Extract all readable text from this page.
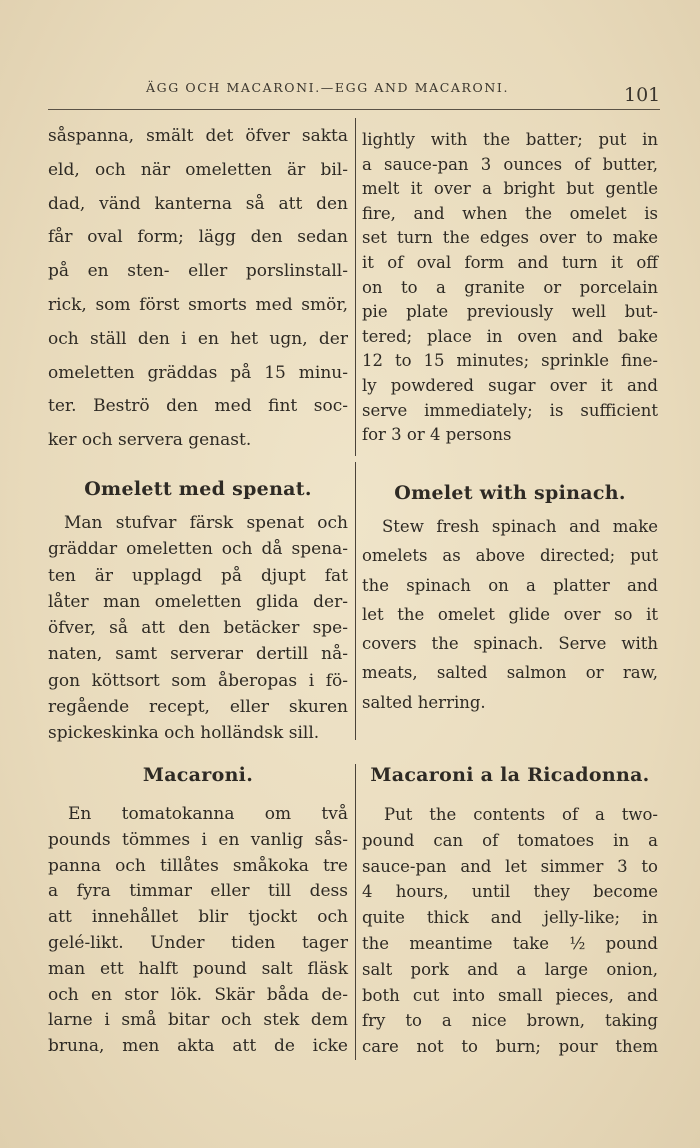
ÄGG OCH MACARONI.—EGG AND MACARONI.	101
såspanna, smält det öfver sakta
eld, och när omeletten är bil-
dad, vänd kanterna så att den
får oval form; lägg den sedan
på en sten- eller porslinstall-
rick, som först smorts med smör,
och ställ den i en het ugn, der
omeletten gräddas på 15 minu-
ter. Beströ den med fint soc-
ker och servera genast.
Omelett med spenat.
Man stufvar färsk spenat och
gräddar omeletten och då spena-
ten är upplagd på djupt fat
låter man omeletten glida der-
öfver, så att den betäcker spe-
naten, samt serverar dertill nå-
gon köttsort som åberopas i fö-
regående recept, eller skuren
spickeskinka och holländsk sill.
Macaroni.
En tomatokanna om två
pounds tömmes i en vanlig sås-
panna och tillåtes småkoka tre
a fyra timmar eller till dess
att innehållet blir tjockt och
gelé-likt. Under tiden tager
man ett halft pound salt fläsk
och en stor lök. Skär båda de-
larne i små bitar och stek dem
bruna, men akta att de icke
lightly with the batter; put in
a sauce-pan 3 ounces of butter,
melt it over a bright but gentle
fire, and when the omelet is
set turn the edges over to make
it of oval form and turn it off
on to a granite or porcelain
pie plate previously well but-
tered; place in oven and bake
12 to 15 minutes; sprinkle fine-
ly powdered sugar over it and
serve immediately; is sufficient
for 3 or 4 persons
Omelet with spinach.
Stew fresh spinach and make
omelets as above directed; put
the spinach on a platter and
let the omelet glide over so it
covers the spinach. Serve with
meats, salted salmon or raw,
salted herring.
Macaroni a la Ricadonna.
Put the contents of a two-
pound can of tomatoes in a
sauce-pan and let simmer 3 to
4 hours, until they become
quite thick and jelly-like; in
the meantime take ½ pound
salt pork and a large onion,
both cut into small pieces, and
fry to a nice brown, taking
care not to burn; pour them
